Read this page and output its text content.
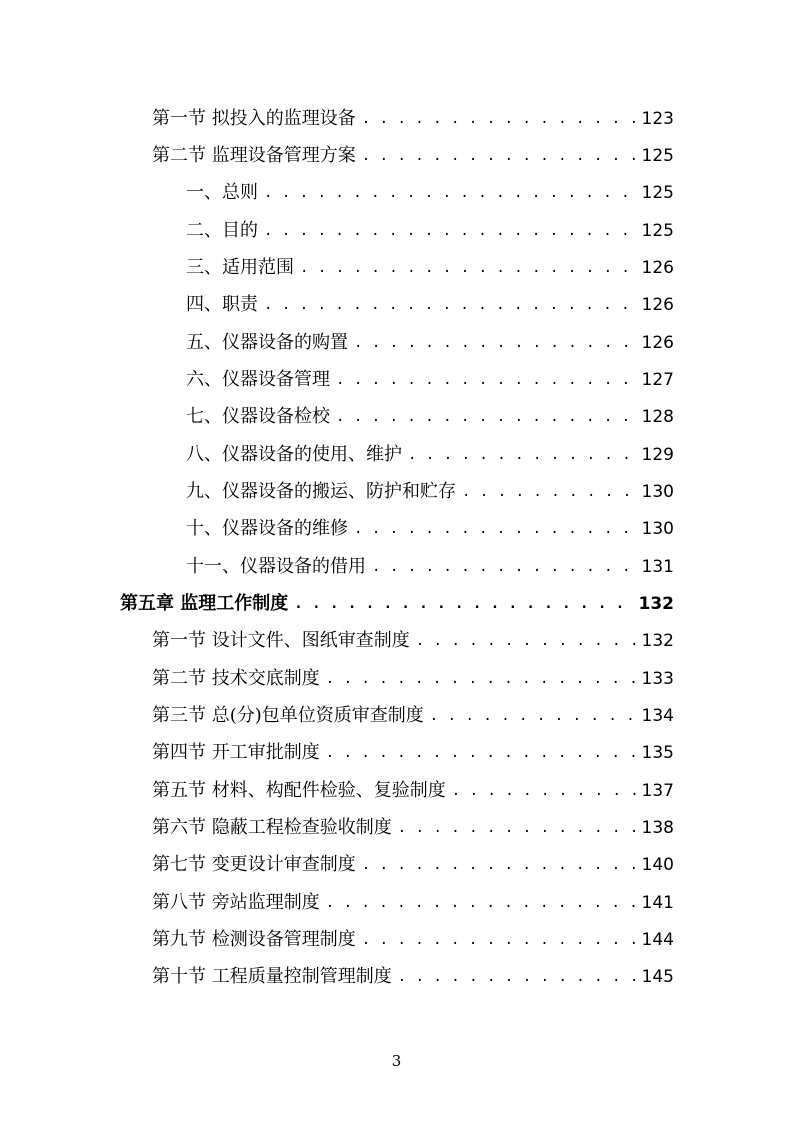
第一节 拟投入的监理设备 . . .	123
第二节 监理设备管理方案 . . .	125
一、总则 . . .	125
二、目的 . . .	125
三、适用范围 . . .	126
四、职责 . . .	126
五、仪器设备的购置 . . .	126
六、仪器设备管理 . . .	127
七、仪器设备检校 . . .	128
八、仪器设备的使用、维护 . . .	129
九、仪器设备的搬运、防护和贮存 . . .	130
十、仪器设备的维修 . . .	130
十一、仪器设备的借用 . . .	131
第五章 监理工作制度 . . .	132
第一节 设计文件、图纸审查制度 . . .	132
第二节 技术交底制度 . . .	133
第三节 总(分)包单位资质审查制度 . . .	134
第四节 开工审批制度 . . .	135
第五节 材料、构配件检验、复验制度 . . .	137
第六节 隐蔽工程检查验收制度 . . .	138
第七节 变更设计审查制度 . . .	140
第八节 旁站监理制度 . . .	141
第九节 检测设备管理制度 . . .	144
第十节 工程质量控制管理制度 . . .	145
3
